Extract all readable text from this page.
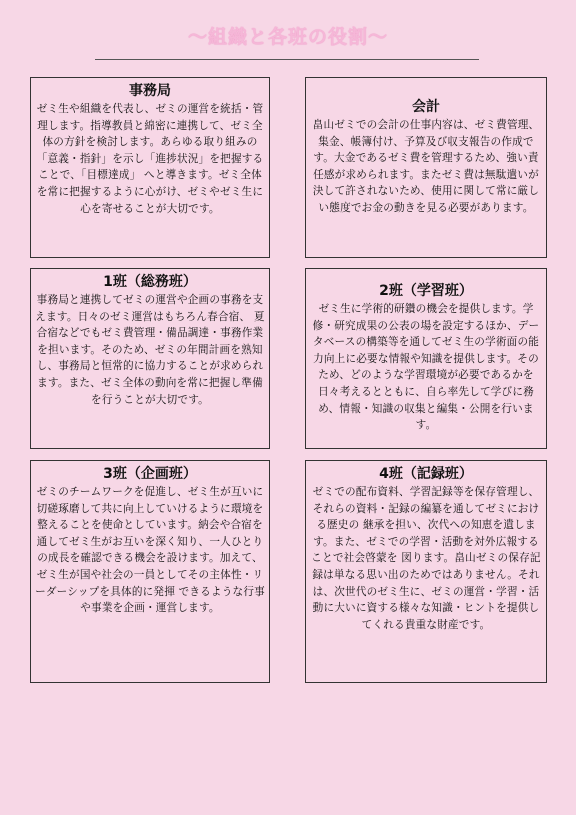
～組織と各班の役割～
事務局
ゼミ生や組織を代表し、ゼミの運営を統括・管理します。指導教員と綿密に連携して、ゼミ全体の方針を検討します。あらゆる取り組みの「意義・指針」を示し「進捗状況」を把握することで、「目標達成」 へと導きます。ゼミ全体を常に把握するように心がけ、ゼミやゼミ生に心を寄せることが大切です。
会計
畠山ゼミでの会計の仕事内容は、ゼミ費管理、集金、帳簿付け、予算及び収支報告の作成です。大金であるゼミ費を管理するため、強い責任感が求められます。またゼミ費は無駄遣いが決して許されないため、使用に関して常に厳しい態度でお金の動きを見る必要があります。
1班（総務班）
事務局と連携してゼミの運営や企画の事務を支えます。日々のゼミ運営はもちろん春合宿、 夏合宿などでもゼミ費管理・備品調達・事務作業を担います。そのため、ゼミの年間計画を熟知し、事務局と恒常的に協力することが求められます。また、ゼミ全体の動向を常に把握し準備を行うことが大切です。
2班（学習班）
ゼミ生に学術的研鑽の機会を提供します。学修・研究成果の公表の場を設定するほか、データベースの構築等を通してゼミ生の学術面の能力向上に必要な情報や知識を提供します。そのため、どのような学習環境が必要であるかを日々考えるとともに、自ら率先して学びに務め、情報・知識の収集と編集・公開を行います。
3班（企画班）
ゼミのチームワークを促進し、ゼミ生が互いに切磋琢磨して共に向上していけるように環境を整えることを使命としています。納会や合宿を通してゼミ生がお互いを深く知り、一人ひとりの成長を確認できる機会を設けます。加えて、ゼミ生が国や社会の一員としてその主体性・リーダーシップを具体的に発揮 できるような行事や事業を企画・運営します。
4班（記録班）
ゼミでの配布資料、学習記録等を保存管理し、それらの資料・記録の編纂を通してゼミにおける歴史の 継承を担い、次代への知恵を遺します。また、ゼミでの学習・活動を対外広報することで社会啓蒙を 図ります。畠山ゼミの保存記録は単なる思い出のためではありません。それは、次世代のゼミ生に、ゼミの運営・学習・活動に大いに資する様々な知識・ヒントを提供してくれる貴重な財産です。
